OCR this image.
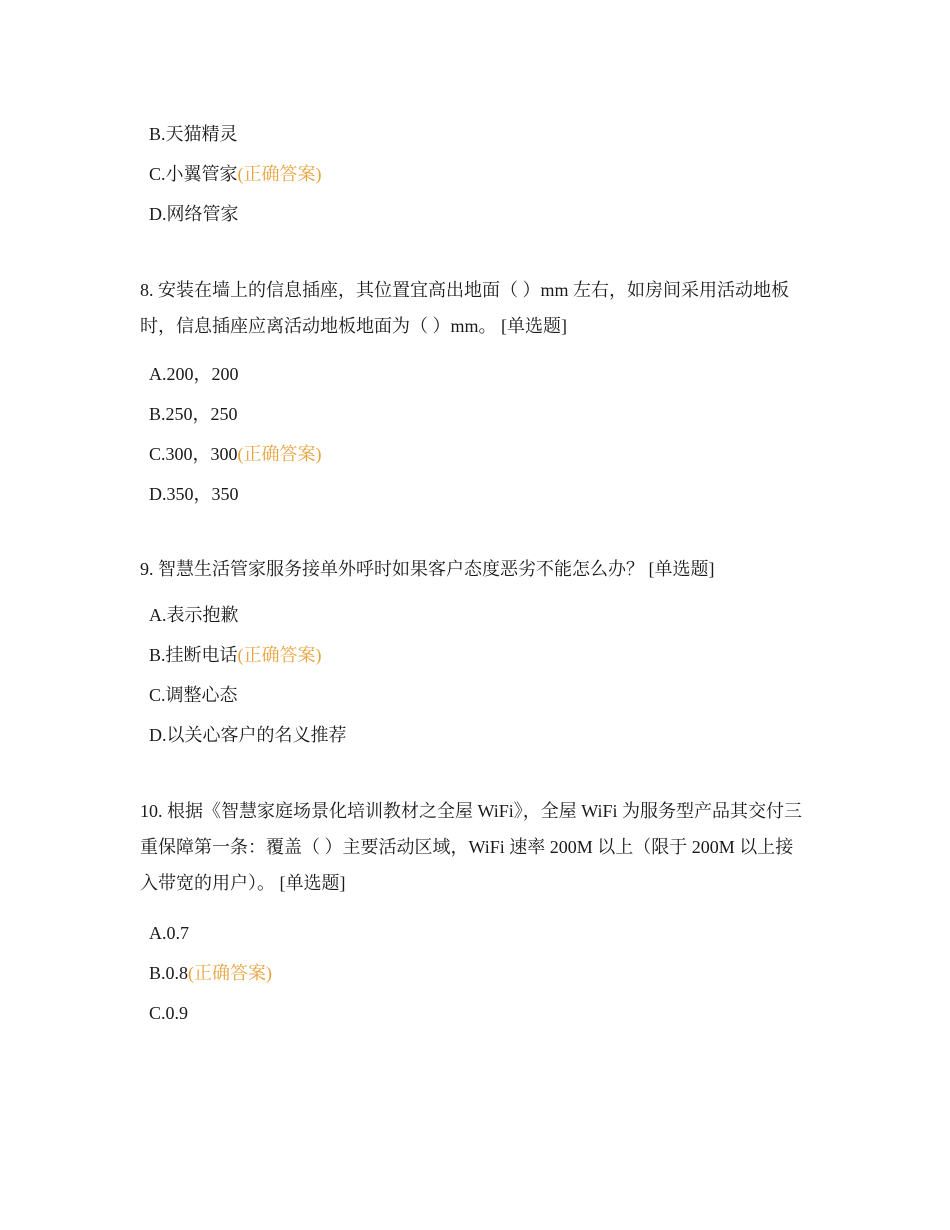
B.天猫精灵
C.小翼管家(正确答案)
D.网络管家

8. 安装在墙上的信息插座，其位置宜高出地面（ ）mm 左右，如房间采用活动地板时，信息插座应离活动地板地面为（ ）mm。 [单选题]

A.200，200
B.250，250
C.300，300(正确答案)
D.350，350

9. 智慧生活管家服务接单外呼时如果客户态度恶劣不能怎么办？ [单选题]

A.表示抱歉
B.挂断电话(正确答案)
C.调整心态
D.以关心客户的名义推荐

10. 根据《智慧家庭场景化培训教材之全屋 WiFi》，全屋 WiFi 为服务型产品其交付三重保障第一条：覆盖（ ）主要活动区域，WiFi 速率 200M 以上（限于 200M 以上接入带宽的用户）。 [单选题]

A.0.7
B.0.8(正确答案)
C.0.9
